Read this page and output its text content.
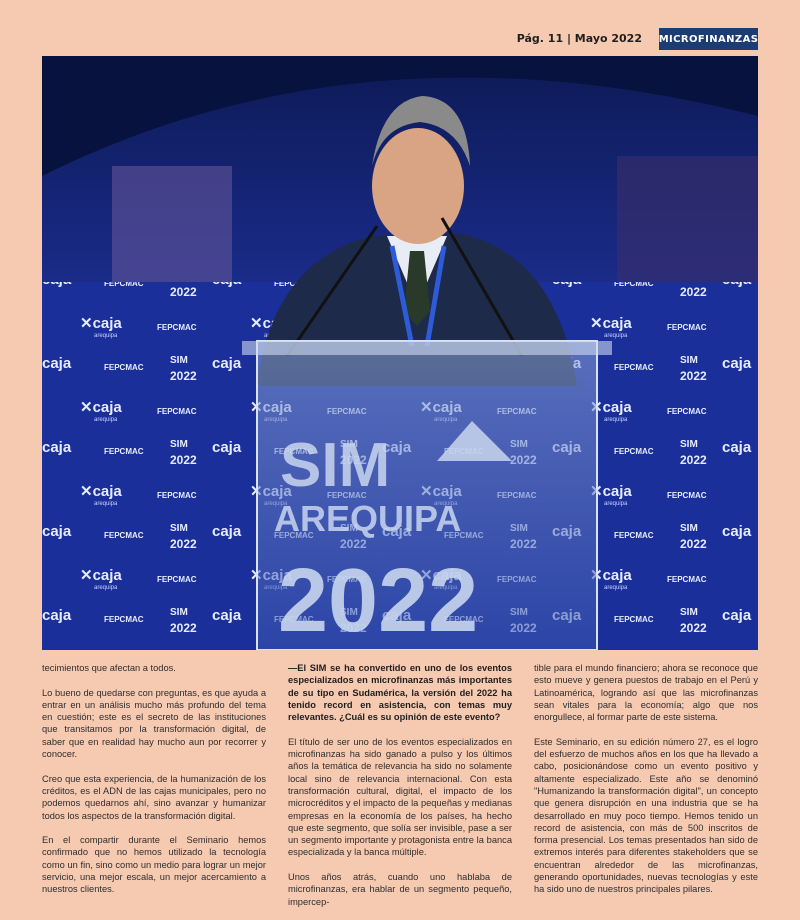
Pág. 11 | Mayo 2022 MICROFINANZAS
SIM
AREQUIPA
2022

tecimientos que afectan a todos.

Lo bueno de quedarse con preguntas, es que ayuda a entrar en un análisis mucho más profundo del tema en cuestión; este es el secreto de las instituciones que transitamos por la transformación digital, de saber que en realidad hay mucho aun por recorrer y conocer.

Creo que esta experiencia, de la humanización de los créditos, es el ADN de las cajas municipales, pero no podemos quedarnos ahí, sino avanzar y humanizar todos los aspectos de la transformación digital.

En el compartir durante el Seminario hemos confirmado que no hemos utilizado la tecnología como un fin, sino como un medio para lograr un mejor servicio, una mejor escala, un mejor acercamiento a nuestros clientes.

—El SIM se ha convertido en uno de los eventos especializados en microfinanzas más importantes de su tipo en Sudamérica, la versión del 2022 ha tenido record en asistencia, con temas muy relevantes. ¿Cuál es su opinión de este evento?

El título de ser uno de los eventos especializados en microfinanzas ha sido ganado a pulso y los últimos años la temática de relevancia ha sido no solamente local sino de relevancia internacional. Con esta transformación cultural, digital, el impacto de los microcréditos y el impacto de la pequeñas y medianas empresas en la economía de los países, ha hecho que este segmento, que solía ser invisible, pase a ser un segmento importante y protagonista entre la banca especializada y la banca múltiple.

Unos años atrás, cuando uno hablaba de microfinanzas, era hablar de un segmento pequeño, impercep-

tible para el mundo financiero; ahora se reconoce que esto mueve y genera puestos de trabajo en el Perú y Latinoamérica, logrando así que las microfinanzas sean vitales para la economía; algo que nos enorgullece, al formar parte de este sistema.

Este Seminario, en su edición número 27, es el logro del esfuerzo de muchos años en los que ha llevado a cabo, posicionándose como un evento positivo y altamente especializado. Este año se denominó "Humanizando la transformación digital", un concepto que genera disrupción en una industria que se ha desarrollado en muy poco tiempo. Hemos tenido un record de asistencia, con más de 500 inscritos de forma presencial. Los temas presentados han sido de extremos interés para diferentes stakeholders que se encuentran alrededor de las microfinanzas, generando oportunidades, nuevas tecnologías y este ha sido uno de nuestros principales pilares.
